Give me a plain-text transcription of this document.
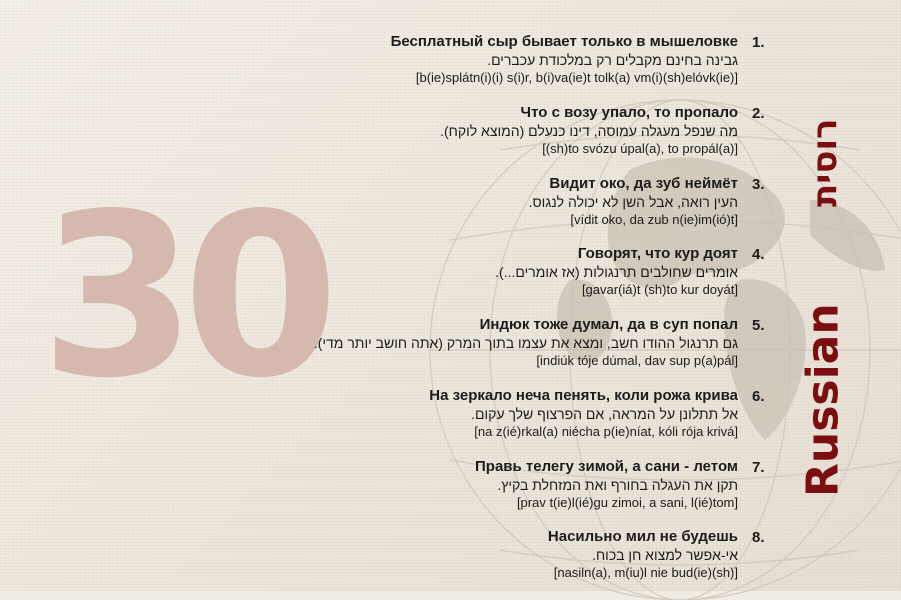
30
רוסית
Russian
1.
Бесплатный сыр бывает только в мышеловке
גבינה בחינם מקבלים רק במלכודת עכברים.
[b(ie)splátn(i)(i) s(i)r, b(i)va(ie)t tolk(a) vm(i)(sh)elóvk(ie)]
2.
Что с возу упало, то пропало
מה שנפל מעגלה עמוסה, דינו כנעלם (המוצא לוקח).
[(sh)to svózu úpal(a), to propál(a)]
3.
Видит око, да зуб неймёт
העין רואה, אבל השן לא יכולה לנגוס.
[vídit oko, da zub n(ie)im(ió)t]
4.
Говорят, что кур доят
אומרים שחולבים תרנגולות (אז אומרים...).
[gavar(iá)t (sh)to kur doyát]
5.
Индюк тоже думал, да в суп попал
גם תרנגול ההודו חשב, ומצא את עצמו בתוך המרק (אתה חושב יותר מדי).
[indiúk tóje dúmal, dav sup p(a)pál]
6.
На зеркало неча пенять, коли рожа крива
אל תתלונן על המראה, אם הפרצוף שלך עקום.
[na z(ié)rkal(a) niécha p(ie)níat, kóli rója krivá]
7.
Правь телегу зимой, а сани - летом
תקן את העגלה בחורף ואת המזחלת בקיץ.
[prav t(ie)l(ié)gu zimoi, a sani, l(ié)tom]
8.
Насильно мил не будешь
אי-אפשר למצוא חן בכוח.
[nasiln(a), m(iu)l nie bud(ie)(sh)]
